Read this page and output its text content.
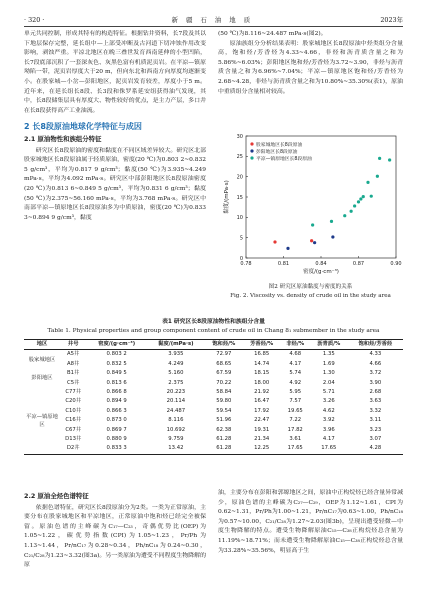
· 320 ·	新 疆 石 油 地 质	2023年

单元共同控制，形成其特有的构造特征。根据钻井资料，长7段及其以下地层保存完整，延长组中—上部受冲断及古河道下切冲蚀作用改变影响，剥蚀严重。平凉北地区在晚三叠世发育西南延伸的小型凹陷，长7段底部沉积了一套深灰色、灰黑色富有机质泥页岩。在平凉—镇原坳陷一带，泥页岩厚度大于20 m，但向东北和西南方向厚度均逐渐变小。在股家城—小岔—彭阳地区，泥页岩发育较差，厚度小于5 m。近年来，在延长组长8段、长3段和侏罗系延安组获得油气发现，其中，长8段储集层具有厚度大、物性较好的优点，是主力产层，多口井在长8段获得高产工业油流。

2 长8段原油地球化学特征与成因
2.1 原油物性和族组分特征

研究区长8段原油的密度和黏度在不同区域差异较大。研究区北部股家城地区长8段原油属于轻质原油，密度(20 ℃)为0.803 2~0.832 5 g/cm³，平均为0.817 9 g/cm³；黏度(50 ℃)为3.935~4.249 mPa·s，平均为4.092 mPa·s。研究区中部彭阳地区长8段原油密度(20 ℃)为0.813 6~0.849 5 g/cm³，平均为0.831 6 g/cm³；黏度(50 ℃)为2.375~56.160 mPa·s，平均为3.768 mPa·s。研究区中南部平凉—镇原地区长8段原油多为中质原油，密度(20 ℃)为0.833 3~0.894 9 g/cm³，黏度

(50 ℃)为8.116~24.487 mPa·s(图2)。

原油族组分分析结果表明：股家城地区长8段原油中烃类组分含量高，饱和烃/芳香烃为4.33~4.66，非烃和沥青质含量之和为5.86%~6.03%；彭阳地区饱和烃/芳香烃为3.72~3.90，非烃与沥青质含量之和为6.96%~7.04%；平凉—镇原地区饱和烃/芳香烃为2.68~4.28，非烃与沥青质含量之和为10.80%~35.30%(表1)，原油中重质组分含量相对较高。

0.78	0.81	0.84	0.87	0.90
0
5
10
15
20
25
30
密度/(g·cm⁻³)
黏度/(mPa·s)
股家城地区长8段原油
彭阳地区长8段原油
平凉—镇原地区长8段原油
图2 研究区原油黏度与密度的关系
Fig. 2. Viscosity vs. density of crude oil in the study area
表1 研究区长8段原油物性和族组分含量
Table 1. Physical properties and group component content of crude oil in Chang 8₁ submember in the study area
地区	井号	密度/(g·cm⁻³)	黏度/(mPa·s)	饱和烃/%	芳香烃/%	非烃/%	沥青质/%	饱和烃/芳香烃
股家城地区	A5井	0.803 2	3.935	72.97	16.85	4.68	1.35	4.33
	A8井	0.832 5	4.249	68.65	14.74	4.17	1.69	4.66
彭阳地区	B1井	0.849 5	5.160	67.59	18.15	5.74	1.30	3.72
	C5井	0.813 6	2.375	70.22	18.00	4.92	2.04	3.90
平凉—镇原地区	C77井	0.866 8	20.223	58.84	21.92	5.95	5.71	2.68
	C20井	0.894 9	20.114	59.80	16.47	7.57	3.26	3.63
	C10井	0.866 3	24.487	59.54	17.92	19.65	4.62	3.32
	C16井	0.873 0	8.116	51.96	22.47	7.22	3.92	3.11
	C67井	0.869 7	10.692	62.38	19.31	17.82	3.96	3.23
	D13井	0.880 9	9.759	61.28	21.34	3.61	4.17	3.07
	D2井	0.833 3	13.42	61.28	12.25	17.65	17.65	4.28
2.2 原油全烃色谱特征

依据色谱特征，研究区长8段原油分为2类。一类为正常原油，主要分布在股家城地区和平凉地区，正常原油中饱和烃已经完全被保留。原油色谱的主峰碳为C₁₇—C₂₃，奇偶优势比(OEP)为1.05~1.22，碳优势指数(CPI)为1.05~1.23，Pr/Ph为1.13~1.44，Pr/nC₁₇为0.28~0.34，Ph/nC₁₈为0.24~0.30，C₂₁/C₂₈为1.23~3.32(图3a)。另一类原油为遭受不同程度生物降解的原

油，主要分布在彭阳和郭塬地区之间，原油中正构烷烃已经含量异常减少，原油色谱的主峰碳为C₂₇—C₂₉，OEP为1.12~1.61，CPI为0.62~1.31，Pr/Ph为1.00~1.21，Pr/nC₁₇为0.63~1.00，Ph/nC₁₈为0.57~10.00，C₂₁/C₂₈为1.27~2.03(图3b)，呈现出遭受轻微—中度生物降解的特点。遭受生物降解原油C₁₅—C₃₈正构烷烃总含量为11.19%~18.71%；而未遭受生物降解原油C₁₅—C₃₈正构烷烃总含量为33.28%~35.56%，明显高于生
